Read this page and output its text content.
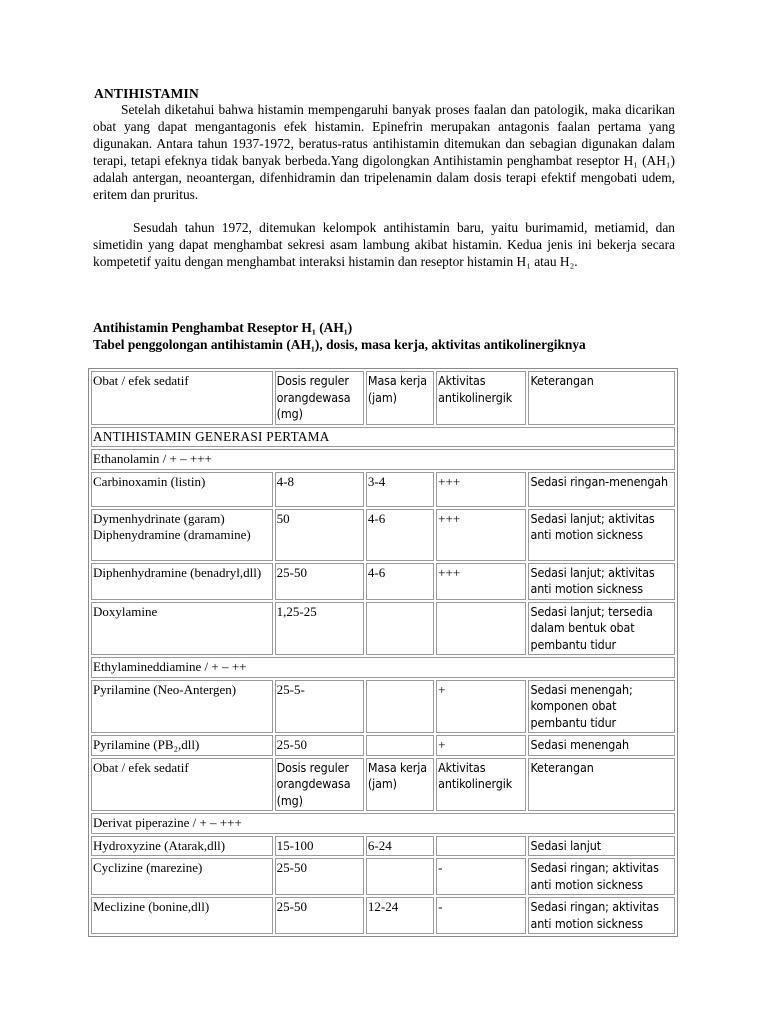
ANTIHISTAMIN

Setelah diketahui bahwa histamin mempengaruhi banyak proses faalan dan patologik, maka dicarikan obat yang dapat mengantagonis efek histamin. Epinefrin merupakan antagonis faalan pertama yang digunakan. Antara tahun 1937-1972, beratus-ratus antihistamin ditemukan dan sebagian digunakan dalam terapi, tetapi efeknya tidak banyak berbeda.Yang digolongkan Antihistamin penghambat reseptor H₁ (AH₁) adalah antergan, neoantergan, difenhidramin dan tripelenamin dalam dosis terapi efektif mengobati udem, eritem dan pruritus.

Sesudah tahun 1972, ditemukan kelompok antihistamin baru, yaitu burimamid, metiamid, dan simetidin yang dapat menghambat sekresi asam lambung akibat histamin. Kedua jenis ini bekerja secara kompetetif yaitu dengan menghambat interaksi histamin dan reseptor histamin H₁ atau H₂.

Antihistamin Penghambat Reseptor H₁ (AH₁)
Tabel penggolongan antihistamin (AH₁), dosis, masa kerja, aktivitas antikolinergiknya
Obat / efek sedatif	Dosis reguler orangdewasa (mg)	Masa kerja (jam)	Aktivitas antikolinergik	Keterangan
ANTIHISTAMIN GENERASI PERTAMA				
Ethanolamin / + – +++				
Carbinoxamin (listin)	4-8	3-4	+++	Sedasi ringan-menengah
Dymenhydrinate (garam) Diphenydramine (dramamine)	50	4-6	+++	Sedasi lanjut; aktivitas anti motion sickness
Diphenhydramine (benadryl,dll)	25-50	4-6	+++	Sedasi lanjut; aktivitas anti motion sickness
Doxylamine	1,25-25			Sedasi lanjut; tersedia dalam bentuk obat pembantu tidur
Ethylamineddiamine / + – ++				
Pyrilamine (Neo-Antergen)	25-5-		+	Sedasi menengah; komponen obat pembantu tidur
Pyrilamine (PB₂,dll)	25-50		+	Sedasi menengah
Obat / efek sedatif	Dosis reguler orangdewasa (mg)	Masa kerja (jam)	Aktivitas antikolinergik	Keterangan
Derivat piperazine / + – +++				
Hydroxyzine (Atarak,dll)	15-100	6-24		Sedasi lanjut
Cyclizine (marezine)	25-50		-	Sedasi ringan; aktivitas anti motion sickness
Meclizine (bonine,dll)	25-50	12-24	-	Sedasi ringan; aktivitas anti motion sickness
